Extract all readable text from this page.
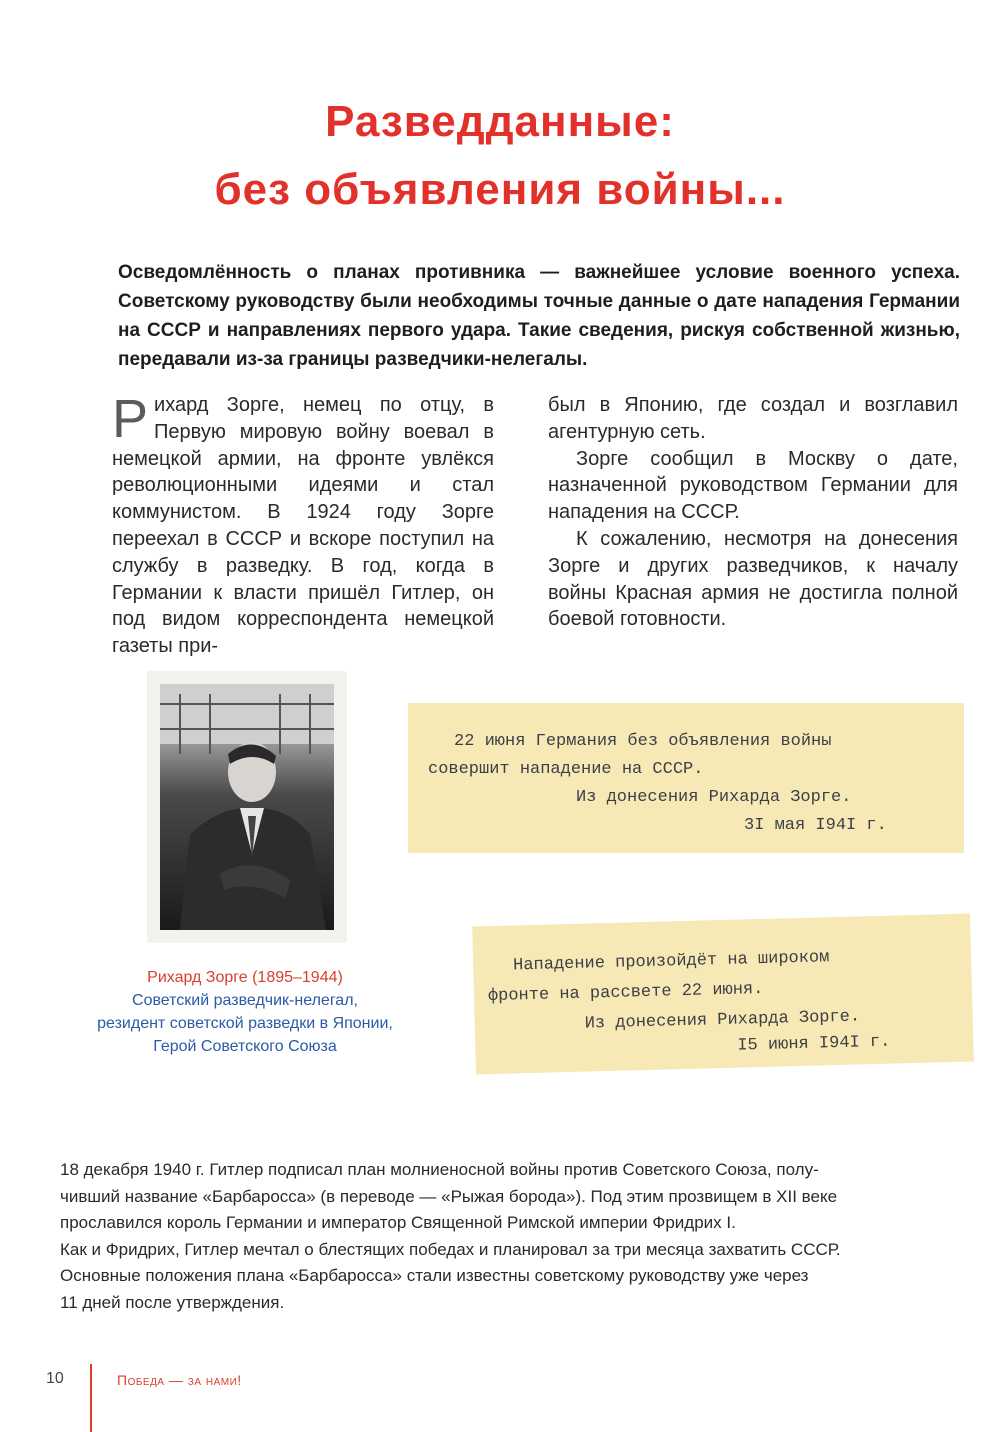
Разведданные:
без объявления войны...
Осведомлённость о планах противника — важнейшее условие военного успеха. Советскому руководству были необходимы точные данные о дате нападения Германии на СССР и направлениях первого удара. Такие сведения, рискуя собственной жизнью, передавали из-за границы разведчики-нелегалы.

Рихард Зорге, немец по отцу, в Первую мировую войну воевал в немецкой армии, на фронте увлёкся революционными идеями и стал коммунистом. В 1924 году Зорге переехал в СССР и вскоре поступил на службу в разведку. В год, когда в Германии к власти пришёл Гитлер, он под видом корреспондента немецкой газеты при-

был в Японию, где создал и возглавил агентурную сеть.

Зорге сообщил в Москву о дате, назначенной руководством Германии для нападения на СССР.

К сожалению, несмотря на донесения Зорге и других разведчиков, к началу войны Красная армия не достигла полной боевой готовности.

Рихард Зорге (1895–1944)
Советский разведчик-нелегал,
резидент советской разведки в Японии,
Герой Советского Союза
22 июня Германия без объявления войны
совершит нападение на СССР.
Из донесения Рихарда Зорге.
3I мая I94I г.
Нападение произойдёт на широком
фронте на рассвете 22 июня.
Из донесения Рихарда Зорге.
I5 июня I94I г.
18 декабря 1940 г. Гитлер подписал план молниеносной войны против Советского Союза, полу-
чивший название «Барбаросса» (в переводе — «Рыжая борода»). Под этим прозвищем в XII веке
прославился король Германии и император Священной Римской империи Фридрих I.
Как и Фридрих, Гитлер мечтал о блестящих победах и планировал за три месяца захватить СССР.
Основные положения плана «Барбаросса» стали известны советскому руководству уже через
11 дней после утверждения.
10	Победа — за нами!
